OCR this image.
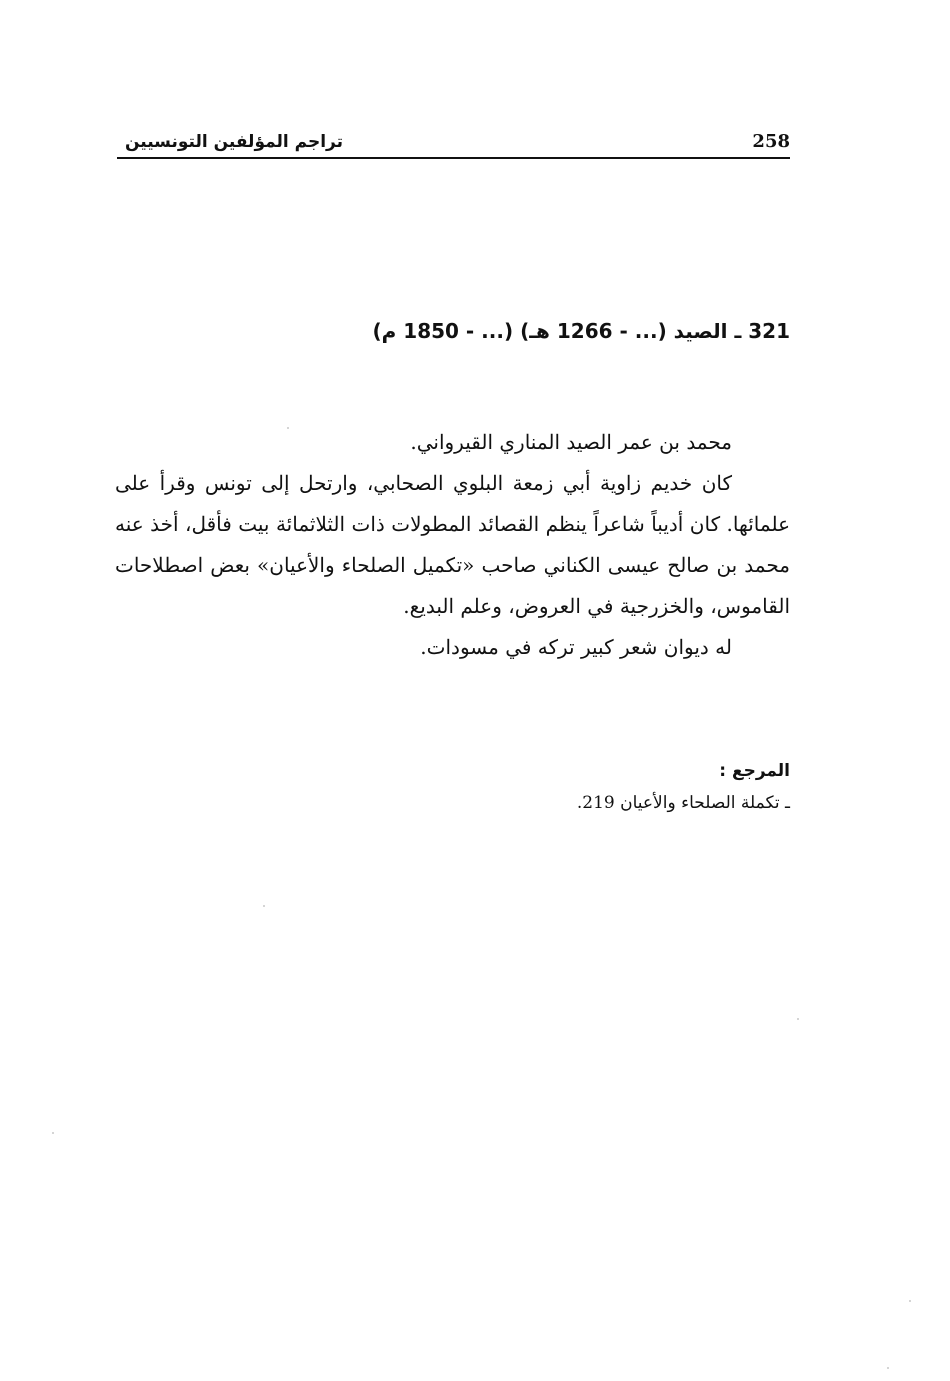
تراجم المؤلفين التونسيين	258
321 ـ الصيد (... - 1266 هـ) (... - 1850 م)

محمد بن عمر الصيد المناري القيرواني.

كان خديم زاوية أبي زمعة البلوي الصحابي، وارتحل إلى تونس وقرأ على علمائها. كان أديباً شاعراً ينظم القصائد المطولات ذات الثلاثمائة بيت فأقل، أخذ عنه محمد بن صالح عيسى الكناني صاحب «تكميل الصلحاء والأعيان» بعض اصطلاحات القاموس، والخزرجية في العروض، وعلم البديع.

له ديوان شعر كبير تركه في مسودات.

المرجع :

ـ تكملة الصلحاء والأعيان 219.
